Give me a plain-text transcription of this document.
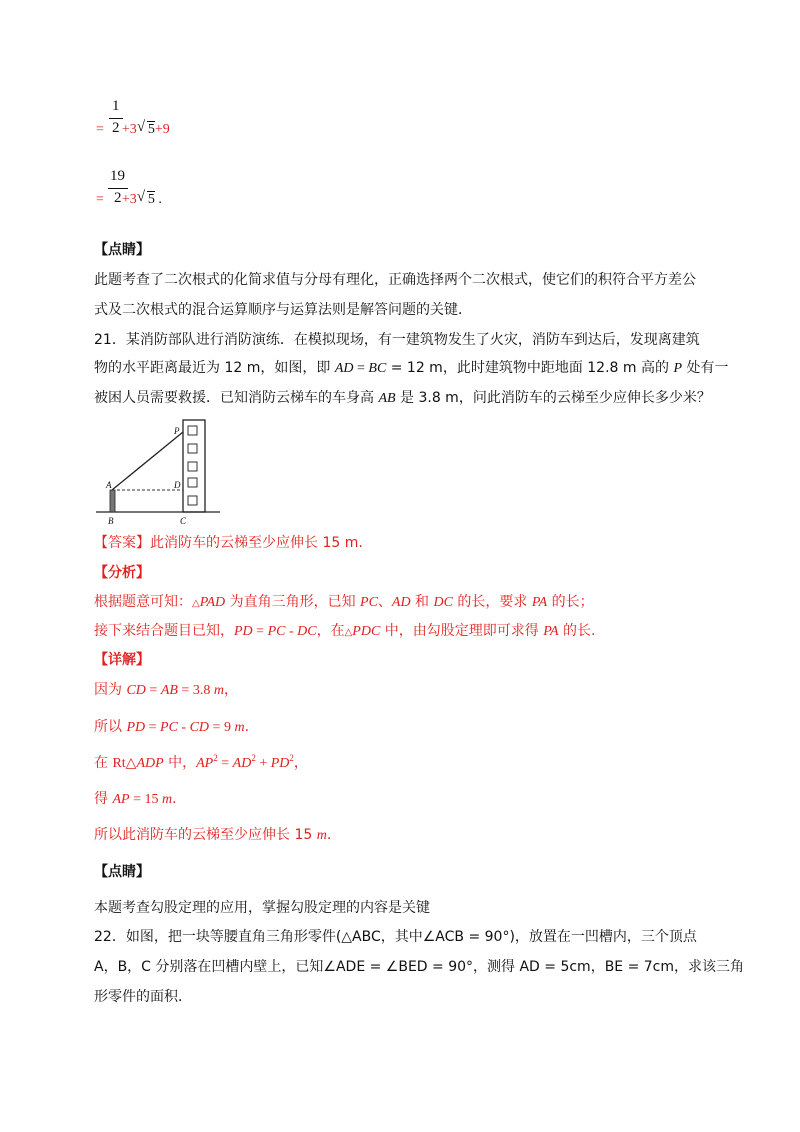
1
2
= +3 √ 5+9
19
2
= +3 √ 5 .
【点睛】
此题考查了二次根式的化简求值与分母有理化，正确选择两个二次根式，使它们的积符合平方差公
式及二次根式的混合运算顺序与运算法则是解答问题的关键．
21．某消防部队进行消防演练．在模拟现场，有一建筑物发生了火灾，消防车到达后，发现离建筑
物的水平距离最近为 12 m，如图，即 AD = BC = 12 m，此时建筑物中距地面 12.8 m 高的 P 处有一
被困人员需要救援．已知消防云梯车的车身高 AB 是 3.8 m，问此消防车的云梯至少应伸长多少米？
P
A	D
B	C
【答案】此消防车的云梯至少应伸长 15 m.
【分析】
根据题意可知：△PAD 为直角三角形，已知 PC、AD 和 DC 的长，要求 PA 的长；
接下来结合题目已知，PD = PC - DC，在△PDC 中，由勾股定理即可求得 PA 的长.
【详解】
因为 CD = AB = 3.8 m，
所以 PD = PC - CD = 9 m.
在 Rt△ADP 中，$AP^2 = AD^2 + PD^2$，
得 AP = 15 m.
所以此消防车的云梯至少应伸长 15 m.
【点睛】
本题考查勾股定理的应用，掌握勾股定理的内容是关键
22．如图，把一块等腰直角三角形零件(△ABC，其中∠ACB = 90°)，放置在一凹槽内，三个顶点
A，B，C 分别落在凹槽内壁上，已知∠ADE = ∠BED = 90°，测得 AD = 5cm，BE = 7cm，求该三角
形零件的面积．
